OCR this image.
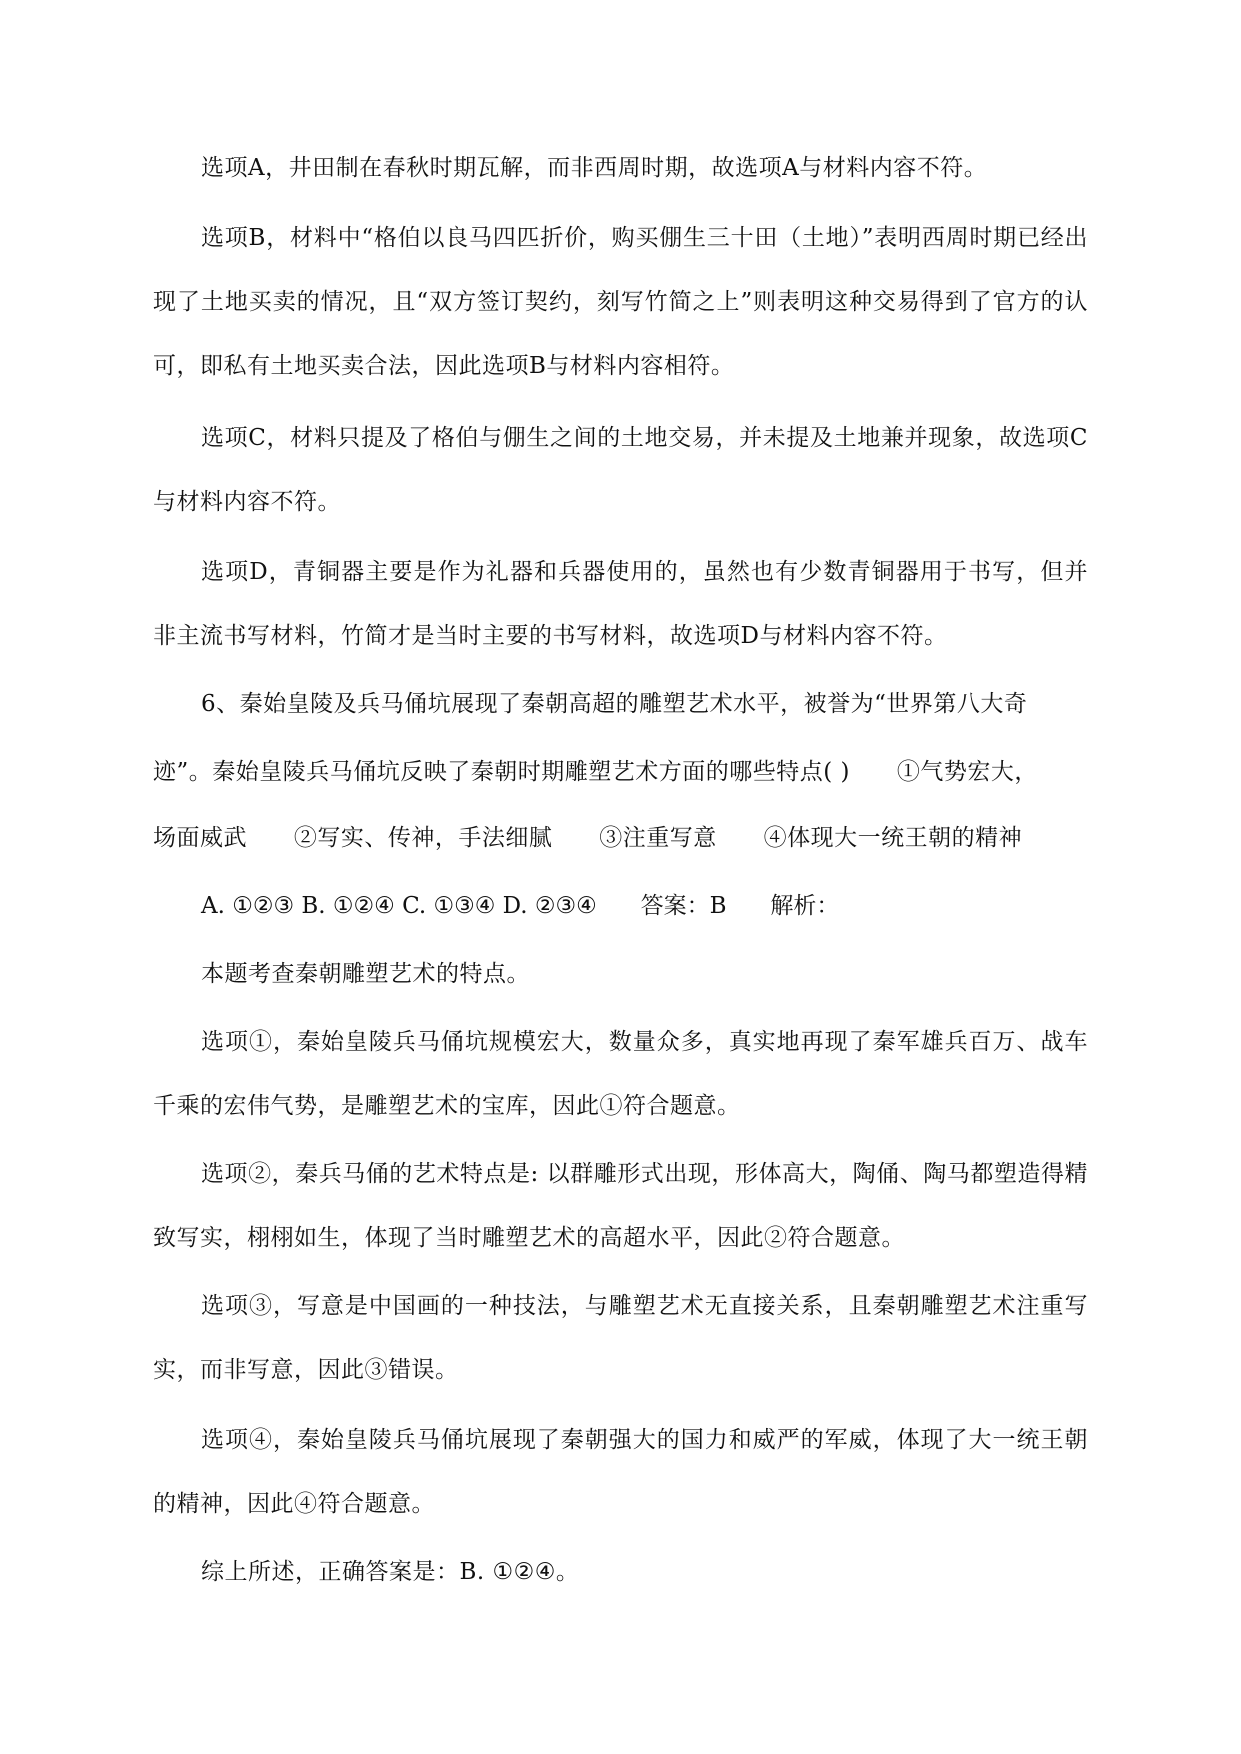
选项A，井田制在春秋时期瓦解，而非西周时期，故选项A与材料内容不符。

选项B，材料中“格伯以良马四匹折价，购买倗生三十田（土地）”表明西周时期已经出现了土地买卖的情况，且“双方签订契约，刻写竹简之上”则表明这种交易得到了官方的认可，即私有土地买卖合法，因此选项B与材料内容相符。

选项C，材料只提及了格伯与倗生之间的土地交易，并未提及土地兼并现象，故选项C与材料内容不符。

选项D，青铜器主要是作为礼器和兵器使用的，虽然也有少数青铜器用于书写，但并非主流书写材料，竹简才是当时主要的书写材料，故选项D与材料内容不符。

6、秦始皇陵及兵马俑坑展现了秦朝高超的雕塑艺术水平，被誉为“世界第八大奇

迹”。秦始皇陵兵马俑坑反映了秦朝时期雕塑艺术方面的哪些特点( )      ①气势宏大，

场面威武      ②写实、传神，手法细腻      ③注重写意      ④体现大一统王朝的精神

A. ①②③ B. ①②④ C. ①③④ D. ②③④      答案：B      解析：

本题考查秦朝雕塑艺术的特点。

选项①，秦始皇陵兵马俑坑规模宏大，数量众多，真实地再现了秦军雄兵百万、战车千乘的宏伟气势，是雕塑艺术的宝库，因此①符合题意。

选项②，秦兵马俑的艺术特点是: 以群雕形式出现，形体高大，陶俑、陶马都塑造得精致写实，栩栩如生，体现了当时雕塑艺术的高超水平，因此②符合题意。

选项③，写意是中国画的一种技法，与雕塑艺术无直接关系，且秦朝雕塑艺术注重写实，而非写意，因此③错误。

选项④，秦始皇陵兵马俑坑展现了秦朝强大的国力和威严的军威，体现了大一统王朝的精神，因此④符合题意。

综上所述，正确答案是：B. ①②④。
